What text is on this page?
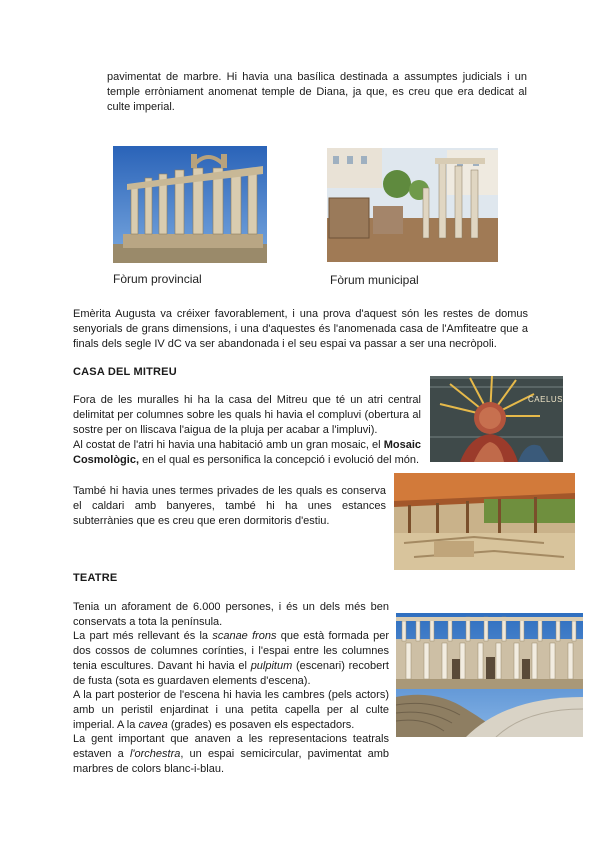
pavimentat de marbre. Hi havia una basílica destinada a assumptes judicials i un temple erròniament anomenat temple de Diana, ja que, es creu que era dedicat al culte imperial.

Fòrum provincial	Fòrum municipal

Emèrita Augusta va créixer favorablement, i una prova d'aquest són les restes de domus senyorials de grans dimensions, i una d'aquestes és l'anomenada casa de l'Amfiteatre que a finals dels segle IV dC va ser abandonada i el seu espai va passar a ser una necròpoli.

CASA DEL MITREU

Fora de les muralles hi ha la casa del Mitreu que té un atri central delimitat per columnes sobre les quals hi havia el compluvi (obertura al sostre per on lliscava l'aigua de la pluja per acabar a l'impluvi).

Al costat de l'atri hi havia una habitació amb un gran mosaic, el Mosaic Cosmològic, en el qual es personifica la concepció i evolució del món.

També hi havia unes termes privades de les quals es conserva el caldari amb banyeres, també hi ha unes estances subterrànies que es creu que eren dormitoris d'estiu.

CAELUS

TEATRE

Tenia un aforament de 6.000 persones, i és un dels més ben conservats a tota la península.

La part més rellevant és la scanae frons que està formada per dos cossos de columnes corínties, i l'espai entre les columnes tenia escultures. Davant hi havia el pulpitum (escenari) recobert de fusta (sota es guardaven elements d'escena).

A la part posterior de l'escena hi havia les cambres (pels actors) amb un peristil enjardinat i una petita capella per al culte imperial. A la cavea (grades) es posaven els espectadors.

La gent important que anaven a les representacions teatrals estaven a l'orchestra, un espai semicircular, pavimentat amb marbres de colors blanc-i-blau.
